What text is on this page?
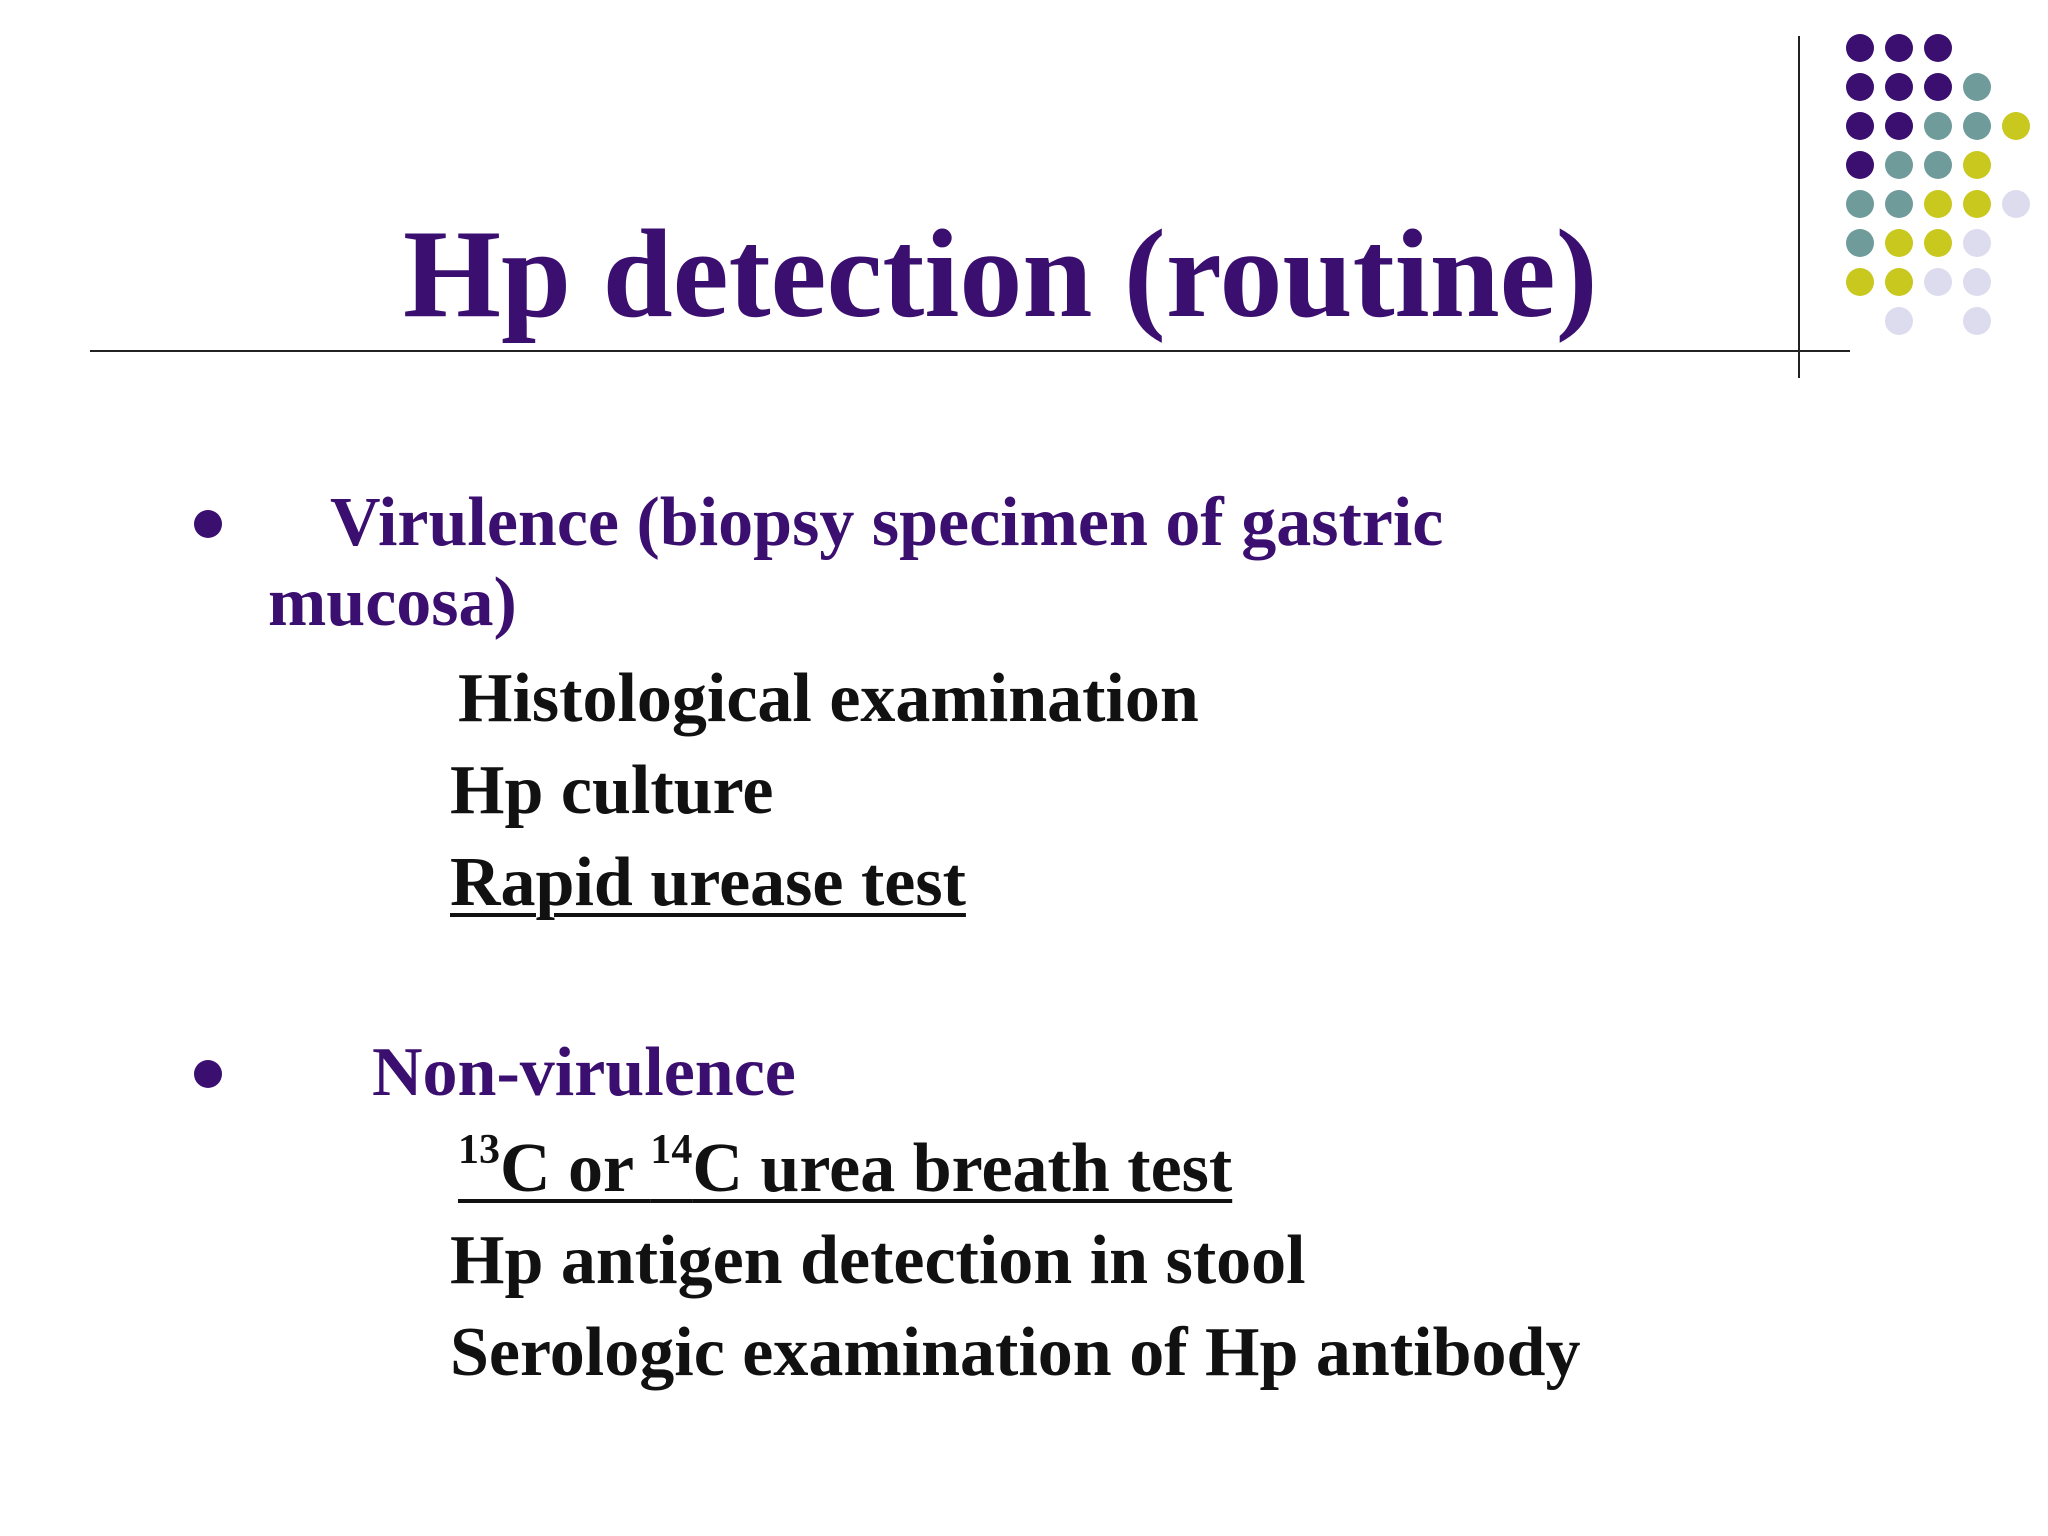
Hp detection (routine)
Virulence (biopsy specimen of gastric
mucosa)
Histological examination
Hp culture
Rapid urease test
Non-virulence
$^{13}$C or $^{14}$C urea breath test
Hp antigen detection in stool
Serologic examination of Hp antibody
